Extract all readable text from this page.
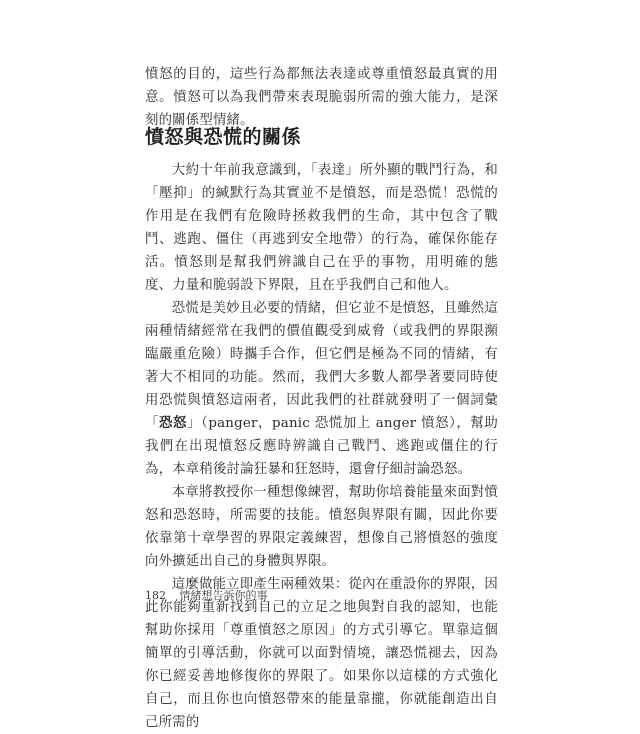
憤怒的目的，這些行為都無法表達或尊重憤怒最真實的用意。憤怒可以為我們帶來表現脆弱所需的強大能力，是深刻的關係型情緒。

憤怒與恐慌的關係

大約十年前我意識到，「表達」所外顯的戰鬥行為，和「壓抑」的緘默行為其實並不是憤怒，而是恐慌！恐慌的作用是在我們有危險時拯救我們的生命，其中包含了戰鬥、逃跑、僵住（再逃到安全地帶）的行為，確保你能存活。憤怒則是幫我們辨識自己在乎的事物，用明確的態度、力量和脆弱設下界限，且在乎我們自己和他人。

恐慌是美妙且必要的情緒，但它並不是憤怒，且雖然這兩種情緒經常在我們的價值觀受到威脅（或我們的界限瀕臨嚴重危險）時攜手合作，但它們是極為不同的情緒，有著大不相同的功能。然而，我們大多數人都學著要同時使用恐慌與憤怒這兩者，因此我們的社群就發明了一個詞彙「恐怒」（panger，panic 恐慌加上 anger 憤怒），幫助我們在出現憤怒反應時辨識自己戰鬥、逃跑或僵住的行為，本章稍後討論狂暴和狂怒時，還會仔細討論恐怒。

本章將教授你一種想像練習，幫助你培養能量來面對憤怒和恐怒時，所需要的技能。憤怒與界限有關，因此你要依靠第十章學習的界限定義練習，想像自己將憤怒的強度向外擴延出自己的身體與界限。

這麼做能立即產生兩種效果：從內在重設你的界限，因此你能夠重新找到自己的立足之地與對自我的認知，也能幫助你採用「尊重憤怒之原因」的方式引導它。單靠這個簡單的引導活動，你就可以面對情境，讓恐慌褪去，因為你已經妥善地修復你的界限了。如果你以這樣的方式強化自己，而且你也向憤怒帶來的能量靠攏，你就能創造出自己所需的

182 情緒想告訴你的事
